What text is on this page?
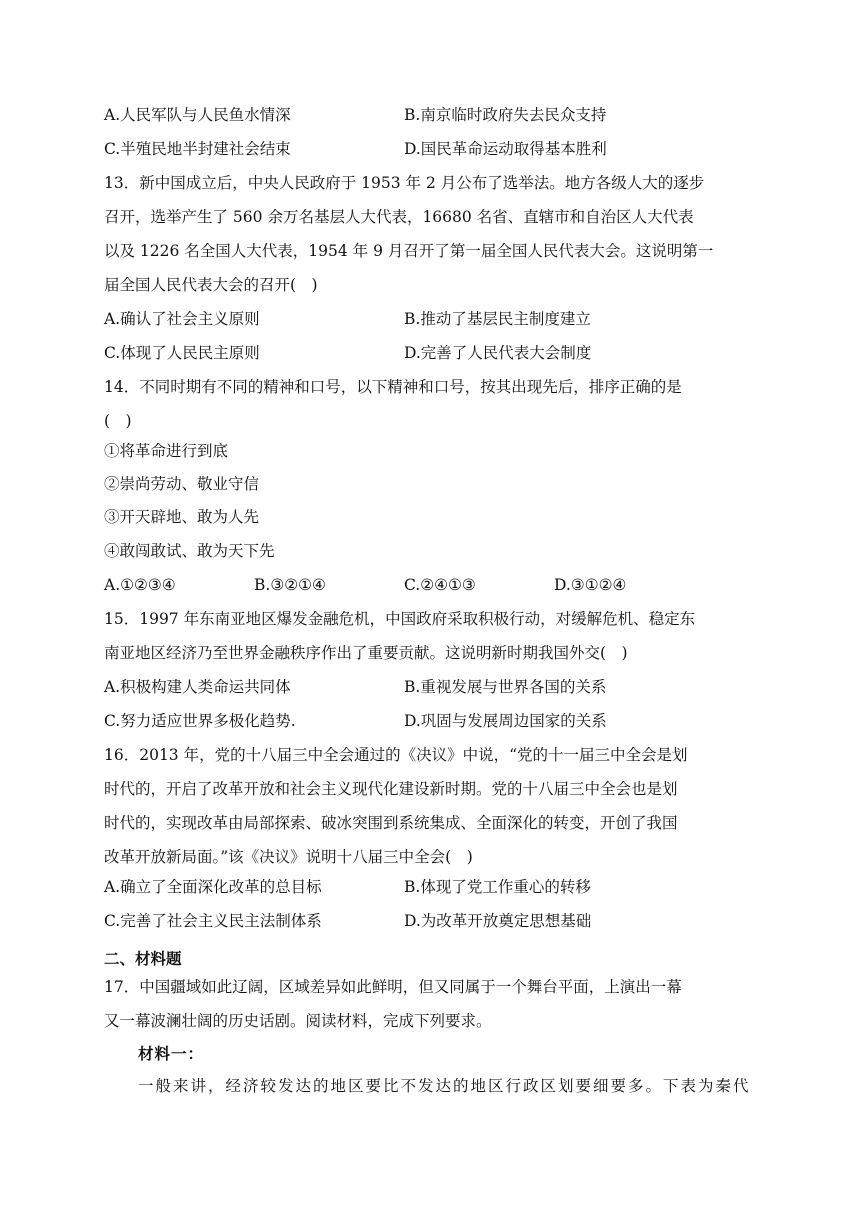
A.人民军队与人民鱼水情深	B.南京临时政府失去民众支持
C.半殖民地半封建社会结束	D.国民革命运动取得基本胜利
13．新中国成立后，中央人民政府于 1953 年 2 月公布了选举法。地方各级人大的逐步
召开，选举产生了 560 余万名基层人大代表，16680 名省、直辖市和自治区人大代表
以及 1226 名全国人大代表，1954 年 9 月召开了第一届全国人民代表大会。这说明第一
届全国人民代表大会的召开(　)
A.确认了社会主义原则	B.推动了基层民主制度建立
C.体现了人民民主原则	D.完善了人民代表大会制度
14．不同时期有不同的精神和口号，以下精神和口号，按其出现先后，排序正确的是
(　)
①将革命进行到底
②崇尚劳动、敬业守信
③开天辟地、敢为人先
④敢闯敢试、敢为天下先
A.①②③④	B.③②①④	C.②④①③	D.③①②④
15．1997 年东南亚地区爆发金融危机，中国政府采取积极行动，对缓解危机、稳定东
南亚地区经济乃至世界金融秩序作出了重要贡献。这说明新时期我国外交(　)
A.积极构建人类命运共同体	B.重视发展与世界各国的关系
C.努力适应世界多极化趋势.	D.巩固与发展周边国家的关系
16．2013 年，党的十八届三中全会通过的《决议》中说，“党的十一届三中全会是划
时代的，开启了改革开放和社会主义现代化建设新时期。党的十八届三中全会也是划
时代的，实现改革由局部探索、破冰突围到系统集成、全面深化的转变，开创了我国
改革开放新局面。”该《决议》说明十八届三中全会(　)
A.确立了全面深化改革的总目标	B.体现了党工作重心的转移
C.完善了社会主义民主法制体系	D.为改革开放奠定思想基础
二、材料题
17．中国疆域如此辽阔，区域差异如此鲜明，但又同属于一个舞台平面，上演出一幕
又一幕波澜壮阔的历史话剧。阅读材料，完成下列要求。
材料一：
一般来讲，经济较发达的地区要比不发达的地区行政区划要细要多。下表为秦代
